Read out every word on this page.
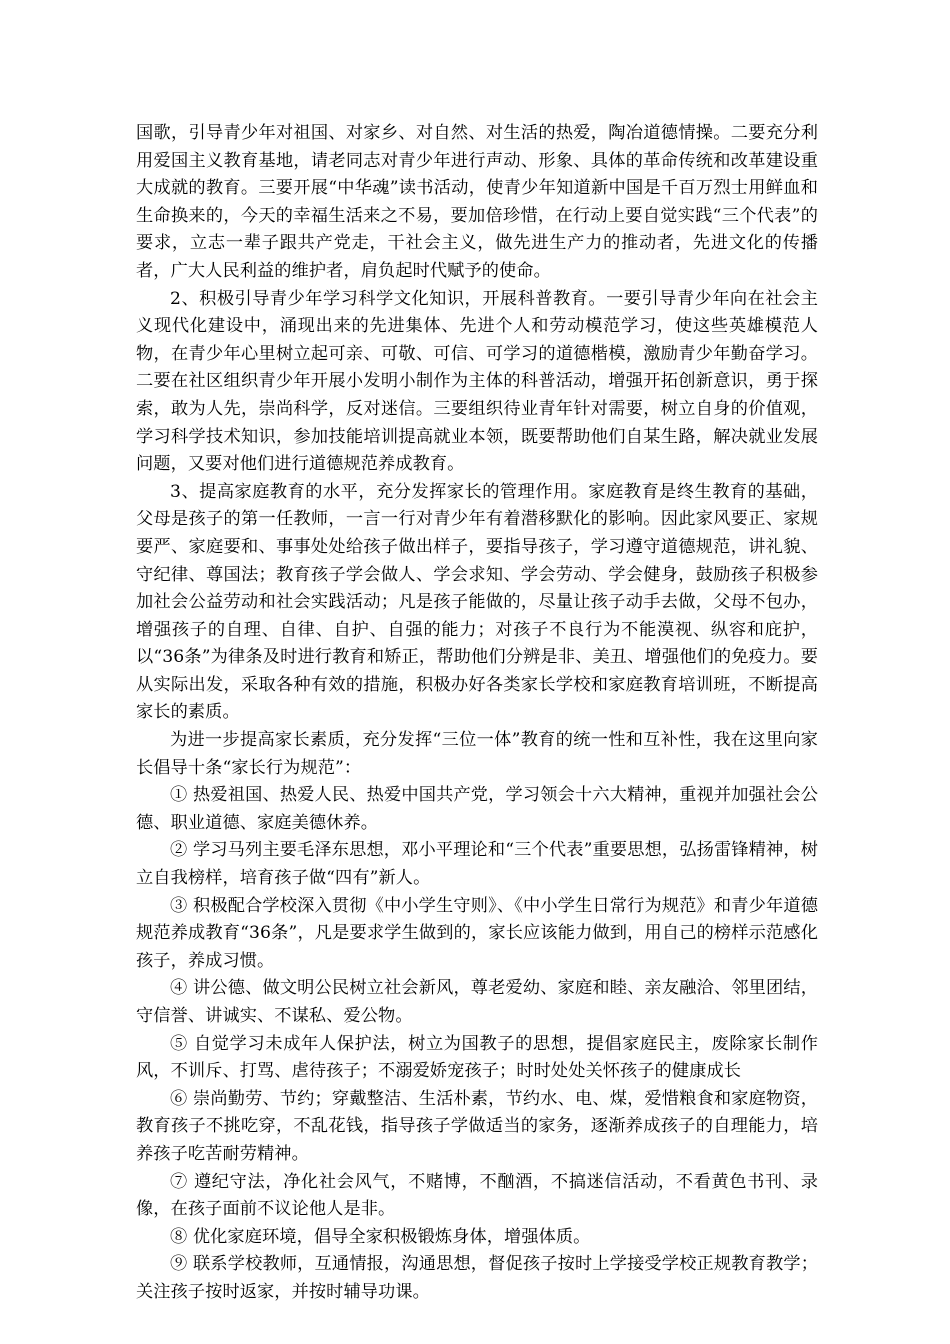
国歌，引导青少年对祖国、对家乡、对自然、对生活的热爱，陶冶道德情操。二要充分利用爱国主义教育基地，请老同志对青少年进行声动、形象、具体的革命传统和改革建设重大成就的教育。三要开展“中华魂”读书活动，使青少年知道新中国是千百万烈士用鲜血和生命换来的，今天的幸福生活来之不易，要加倍珍惜，在行动上要自觉实践“三个代表”的要求，立志一辈子跟共产党走，干社会主义，做先进生产力的推动者，先进文化的传播者，广大人民利益的维护者，肩负起时代赋予的使命。

2、积极引导青少年学习科学文化知识，开展科普教育。一要引导青少年向在社会主义现代化建设中，涌现出来的先进集体、先进个人和劳动模范学习，使这些英雄模范人物，在青少年心里树立起可亲、可敬、可信、可学习的道德楷模，激励青少年勤奋学习。二要在社区组织青少年开展小发明小制作为主体的科普活动，增强开拓创新意识，勇于探索，敢为人先，崇尚科学，反对迷信。三要组织待业青年针对需要，树立自身的价值观，学习科学技术知识，参加技能培训提高就业本领，既要帮助他们自某生路，解决就业发展问题，又要对他们进行道德规范养成教育。

3、提高家庭教育的水平，充分发挥家长的管理作用。家庭教育是终生教育的基础，父母是孩子的第一任教师，一言一行对青少年有着潜移默化的影响。因此家风要正、家规要严、家庭要和、事事处处给孩子做出样子，要指导孩子，学习遵守道德规范，讲礼貌、守纪律、尊国法；教育孩子学会做人、学会求知、学会劳动、学会健身，鼓励孩子积极参加社会公益劳动和社会实践活动；凡是孩子能做的，尽量让孩子动手去做，父母不包办，增强孩子的自理、自律、自护、自强的能力；对孩子不良行为不能漠视、纵容和庇护，以“36条”为律条及时进行教育和矫正，帮助他们分辨是非、美丑、增强他们的免疫力。要从实际出发，采取各种有效的措施，积极办好各类家长学校和家庭教育培训班，不断提高家长的素质。

为进一步提高家长素质，充分发挥“三位一体”教育的统一性和互补性，我在这里向家长倡导十条“家长行为规范”：

① 热爱祖国、热爱人民、热爱中国共产党，学习领会十六大精神，重视并加强社会公德、职业道德、家庭美德休养。

② 学习马列主要毛泽东思想，邓小平理论和“三个代表”重要思想，弘扬雷锋精神，树立自我榜样，培育孩子做“四有”新人。

③ 积极配合学校深入贯彻《中小学生守则》、《中小学生日常行为规范》和青少年道德规范养成教育“36条”，凡是要求学生做到的，家长应该能力做到，用自己的榜样示范感化孩子，养成习惯。

④ 讲公德、做文明公民树立社会新风，尊老爱幼、家庭和睦、亲友融洽、邻里团结，守信誉、讲诚实、不谋私、爱公物。

⑤ 自觉学习未成年人保护法，树立为国教子的思想，提倡家庭民主，废除家长制作风，不训斥、打骂、虐待孩子；不溺爱娇宠孩子；时时处处关怀孩子的健康成长

⑥ 崇尚勤劳、节约；穿戴整洁、生活朴素，节约水、电、煤，爱惜粮食和家庭物资，教育孩子不挑吃穿，不乱花钱，指导孩子学做适当的家务，逐渐养成孩子的自理能力，培养孩子吃苦耐劳精神。

⑦ 遵纪守法，净化社会风气，不赌博，不酗酒，不搞迷信活动，不看黄色书刊、录像，在孩子面前不议论他人是非。

⑧ 优化家庭环境，倡导全家积极锻炼身体，增强体质。

⑨ 联系学校教师，互通情报，沟通思想，督促孩子按时上学接受学校正规教育教学；关注孩子按时返家，并按时辅导功课。
